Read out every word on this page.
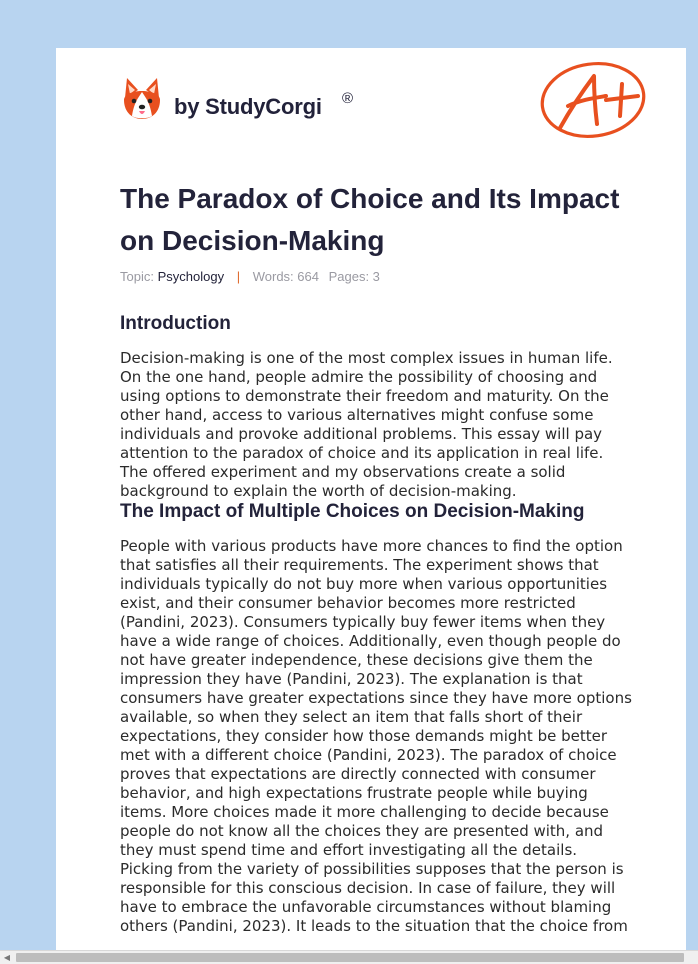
by StudyCorgi ®
The Paradox of Choice and Its Impact on Decision-Making
Topic: Psychology | Words: 664 Pages: 3
Introduction

Decision-making is one of the most complex issues in human life. On the one hand, people admire the possibility of choosing and using options to demonstrate their freedom and maturity. On the other hand, access to various alternatives might confuse some individuals and provoke additional problems. This essay will pay attention to the paradox of choice and its application in real life. The offered experiment and my observations create a solid background to explain the worth of decision-making.

The Impact of Multiple Choices on Decision-Making

People with various products have more chances to find the option that satisfies all their requirements. The experiment shows that individuals typically do not buy more when various opportunities exist, and their consumer behavior becomes more restricted (Pandini, 2023). Consumers typically buy fewer items when they have a wide range of choices. Additionally, even though people do not have greater independence, these decisions give them the impression they have (Pandini, 2023). The explanation is that consumers have greater expectations since they have more options available, so when they select an item that falls short of their expectations, they consider how those demands might be better met with a different choice (Pandini, 2023). The paradox of choice proves that expectations are directly connected with consumer behavior, and high expectations frustrate people while buying items. More choices made it more challenging to decide because people do not know all the choices they are presented with, and they must spend time and effort investigating all the details. Picking from the variety of possibilities supposes that the person is responsible for this conscious decision. In case of failure, they will have to embrace the unfavorable circumstances without blaming others (Pandini, 2023). It leads to the situation that the choice from

◀
